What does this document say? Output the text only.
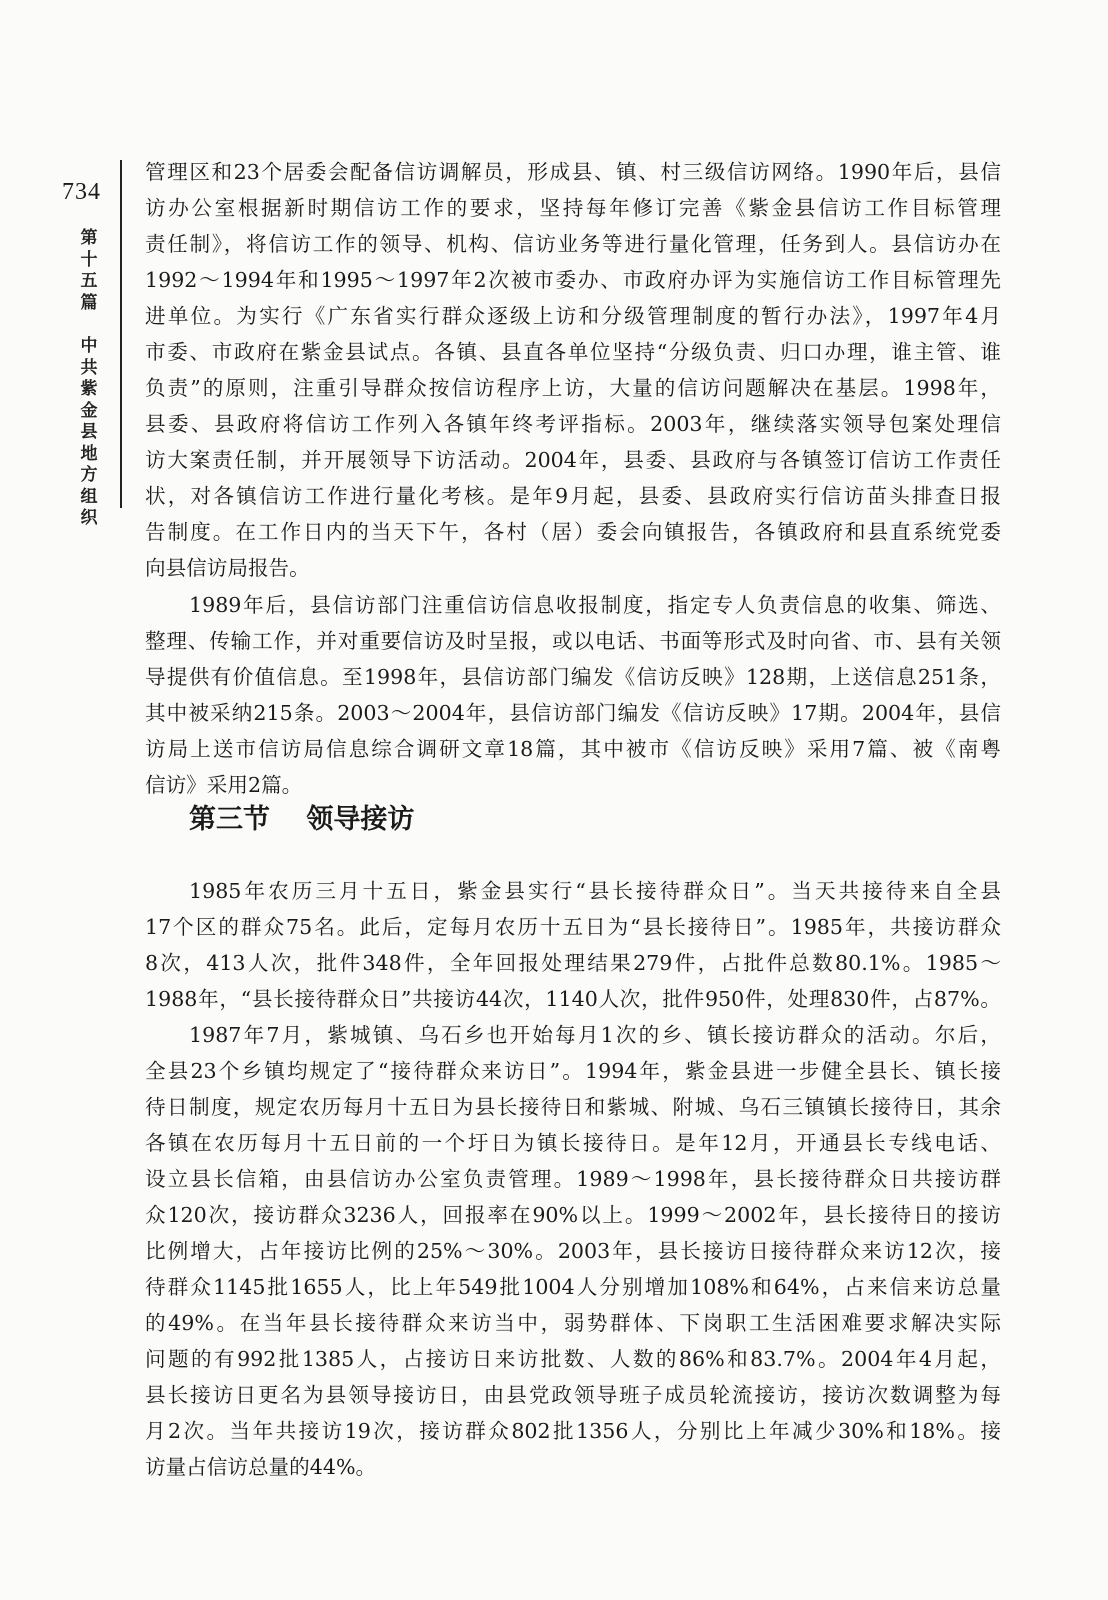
734
第
十
五
篇
中
共
紫
金
县
地
方
组
织
管理区和23个居委会配备信访调解员，形成县、镇、村三级信访网络。1990年后，县信
访办公室根据新时期信访工作的要求，坚持每年修订完善《紫金县信访工作目标管理
责任制》，将信访工作的领导、机构、信访业务等进行量化管理，任务到人。县信访办在
1992～1994年和1995～1997年2次被市委办、市政府办评为实施信访工作目标管理先
进单位。为实行《广东省实行群众逐级上访和分级管理制度的暂行办法》，1997年4月
市委、市政府在紫金县试点。各镇、县直各单位坚持“分级负责、归口办理，谁主管、谁
负责”的原则，注重引导群众按信访程序上访，大量的信访问题解决在基层。1998年，
县委、县政府将信访工作列入各镇年终考评指标。2003年，继续落实领导包案处理信
访大案责任制，并开展领导下访活动。2004年，县委、县政府与各镇签订信访工作责任
状，对各镇信访工作进行量化考核。是年9月起，县委、县政府实行信访苗头排查日报
告制度。在工作日内的当天下午，各村（居）委会向镇报告，各镇政府和县直系统党委
向县信访局报告。
1989年后，县信访部门注重信访信息收报制度，指定专人负责信息的收集、筛选、
整理、传输工作，并对重要信访及时呈报，或以电话、书面等形式及时向省、市、县有关领
导提供有价值信息。至1998年，县信访部门编发《信访反映》128期，上送信息251条，
其中被采纳215条。2003～2004年，县信访部门编发《信访反映》17期。2004年，县信
访局上送市信访局信息综合调研文章18篇，其中被市《信访反映》采用7篇、被《南粤
信访》采用2篇。
第三节　 领导接访
1985年农历三月十五日，紫金县实行“县长接待群众日”。当天共接待来自全县
17个区的群众75名。此后，定每月农历十五日为“县长接待日”。1985年，共接访群众
8次，413人次，批件348件，全年回报处理结果279件，占批件总数80.1%。1985～
1988年，“县长接待群众日”共接访44次，1140人次，批件950件，处理830件，占87%。
1987年7月，紫城镇、乌石乡也开始每月1次的乡、镇长接访群众的活动。尔后，
全县23个乡镇均规定了“接待群众来访日”。1994年，紫金县进一步健全县长、镇长接
待日制度，规定农历每月十五日为县长接待日和紫城、附城、乌石三镇镇长接待日，其余
各镇在农历每月十五日前的一个圩日为镇长接待日。是年12月，开通县长专线电话、
设立县长信箱，由县信访办公室负责管理。1989～1998年，县长接待群众日共接访群
众120次，接访群众3236人，回报率在90%以上。1999～2002年，县长接待日的接访
比例增大，占年接访比例的25%～30%。2003年，县长接访日接待群众来访12次，接
待群众1145批1655人，比上年549批1004人分别增加108%和64%，占来信来访总量
的49%。在当年县长接待群众来访当中，弱势群体、下岗职工生活困难要求解决实际
问题的有992批1385人，占接访日来访批数、人数的86%和83.7%。2004年4月起，
县长接访日更名为县领导接访日，由县党政领导班子成员轮流接访，接访次数调整为每
月2次。当年共接访19次，接访群众802批1356人，分别比上年减少30%和18%。接
访量占信访总量的44%。
